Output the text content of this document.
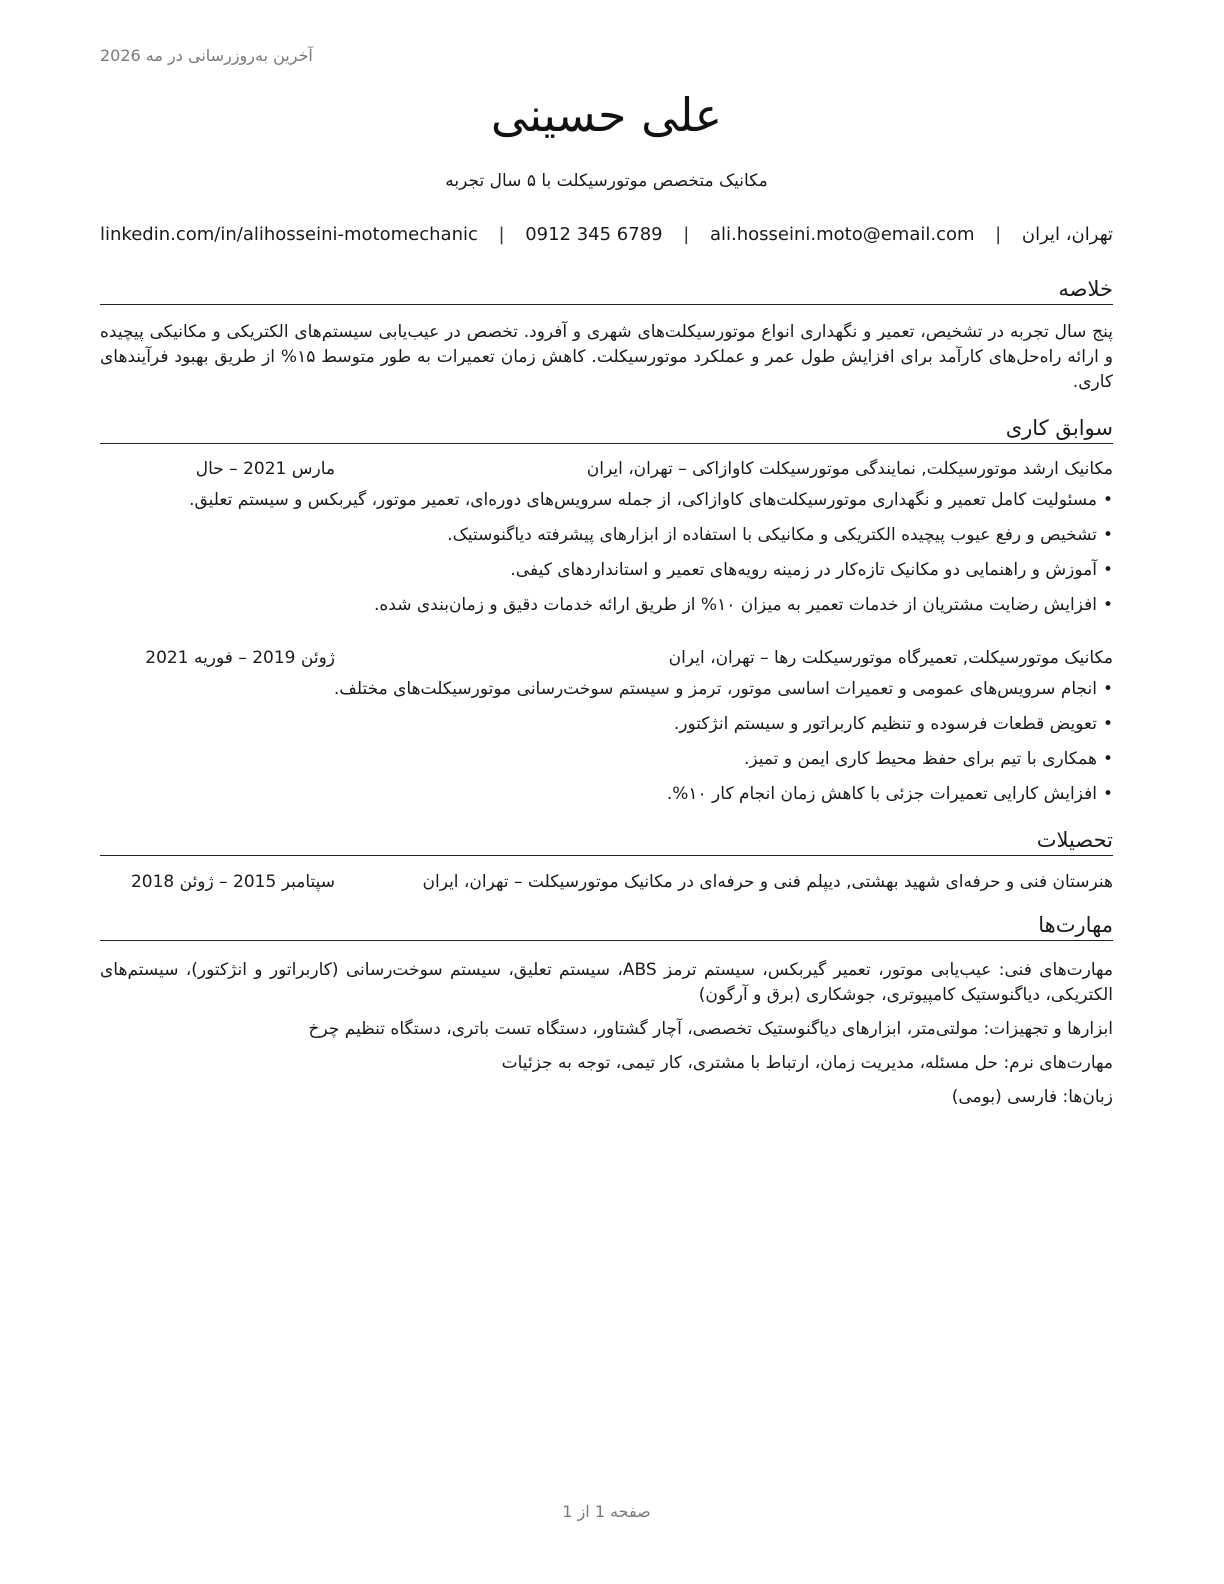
آخرین به‌روزرسانی در مه 2026
علی حسینی
مکانیک متخصص موتورسیکلت با ۵ سال تجربه
تهران، ایران
|
ali.hosseini.moto@email.com
|
0912 345 6789
|
linkedin.com/in/alihosseini-motomechanic
خلاصه

پنج سال تجربه در تشخیص، تعمیر و نگهداری انواع موتورسیکلت‌های شهری و آفرود. تخصص در عیب‌یابی سیستم‌های الکتریکی و مکانیکی پیچیده و ارائه راه‌حل‌های کارآمد برای افزایش طول عمر و عملکرد موتورسیکلت. کاهش زمان تعمیرات به طور متوسط ۱۵% از طریق بهبود فرآیندهای کاری.

سوابق کاری
مکانیک ارشد موتورسیکلت, نمایندگی موتورسیکلت کاوازاکی – تهران، ایران
مارس 2021 – حال
• مسئولیت کامل تعمیر و نگهداری موتورسیکلت‌های کاوازاکی، از جمله سرویس‌های دوره‌ای، تعمیر موتور، گیربکس و سیستم تعلیق.
• تشخیص و رفع عیوب پیچیده الکتریکی و مکانیکی با استفاده از ابزارهای پیشرفته دیاگنوستیک.
• آموزش و راهنمایی دو مکانیک تازه‌کار در زمینه رویه‌های تعمیر و استانداردهای کیفی.
• افزایش رضایت مشتریان از خدمات تعمیر به میزان ۱۰% از طریق ارائه خدمات دقیق و زمان‌بندی شده.
مکانیک موتورسیکلت, تعمیرگاه موتورسیکلت رها – تهران، ایران
ژوئن 2019 – فوریه 2021
• انجام سرویس‌های عمومی و تعمیرات اساسی موتور، ترمز و سیستم سوخت‌رسانی موتورسیکلت‌های مختلف.
• تعویض قطعات فرسوده و تنظیم کاربراتور و سیستم انژکتور.
• همکاری با تیم برای حفظ محیط کاری ایمن و تمیز.
• افزایش کارایی تعمیرات جزئی با کاهش زمان انجام کار ۱۰%.
تحصیلات
هنرستان فنی و حرفه‌ای شهید بهشتی, دیپلم فنی و حرفه‌ای در مکانیک موتورسیکلت – تهران، ایران
سپتامبر 2015 – ژوئن 2018
مهارت‌ها
مهارت‌های فنی: عیب‌یابی موتور، تعمیر گیربکس، سیستم ترمز ABS، سیستم تعلیق، سیستم سوخت‌رسانی (کاربراتور و انژکتور)، سیستم‌های الکتریکی، دیاگنوستیک کامپیوتری، جوشکاری (برق و آرگون)
ابزارها و تجهیزات: مولتی‌متر، ابزارهای دیاگنوستیک تخصصی، آچار گشتاور، دستگاه تست باتری، دستگاه تنظیم چرخ
مهارت‌های نرم: حل مسئله، مدیریت زمان، ارتباط با مشتری، کار تیمی، توجه به جزئیات
زبان‌ها: فارسی (بومی)
صفحه 1 از 1
